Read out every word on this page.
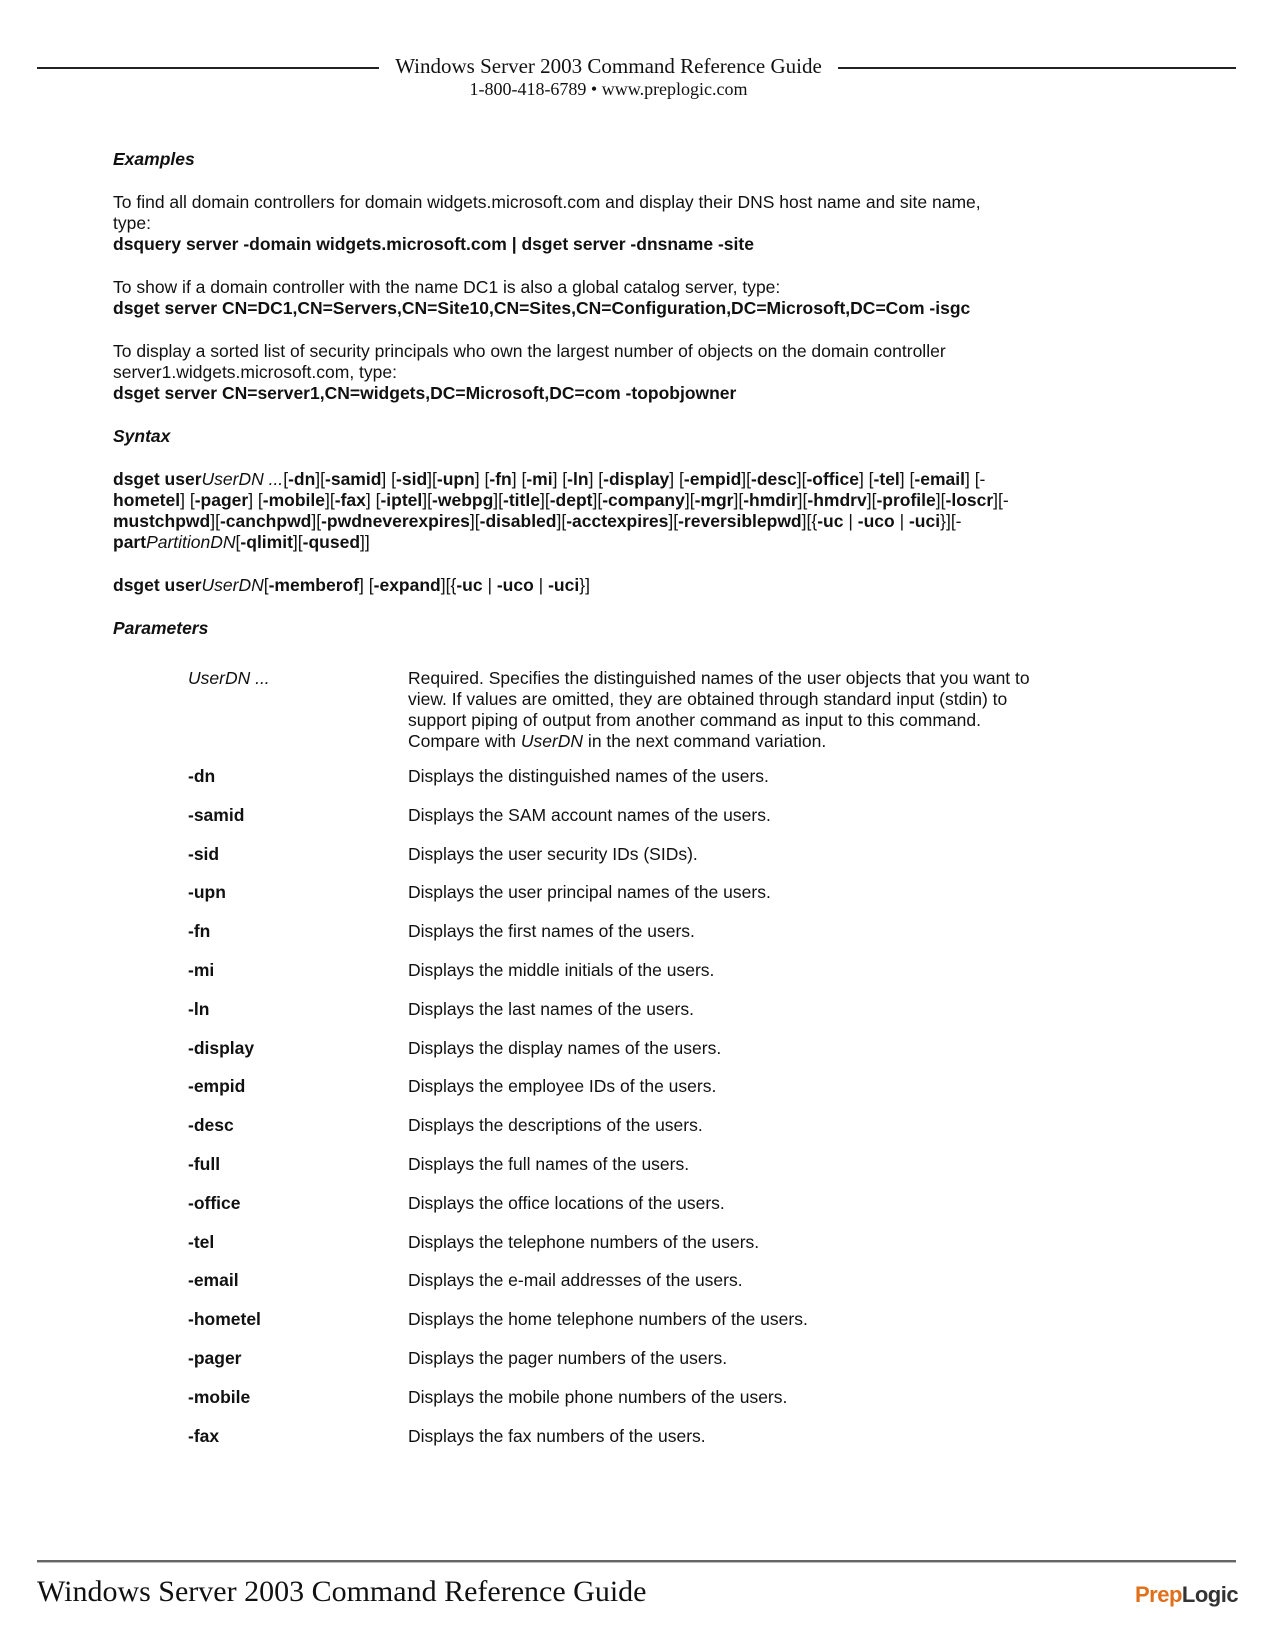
Windows Server 2003 Command Reference Guide
1-800-418-6789 • www.preplogic.com

Examples

To find all domain controllers for domain widgets.microsoft.com and display their DNS host name and site name,

type:

dsquery server -domain widgets.microsoft.com | dsget server -dnsname -site

To show if a domain controller with the name DC1 is also a global catalog server, type:

dsget server CN=DC1,CN=Servers,CN=Site10,CN=Sites,CN=Configuration,DC=Microsoft,DC=Com -isgc

To display a sorted list of security principals who own the largest number of objects on the domain controller

server1.widgets.microsoft.com, type:

dsget server CN=server1,CN=widgets,DC=Microsoft,DC=com -topobjowner

Syntax

dsget userUserDN ...[-dn][-samid] [-sid][-upn] [-fn] [-mi] [-ln] [-display] [-empid][-desc][-office] [-tel] [-email] [-

hometel] [-pager] [-mobile][-fax] [-iptel][-webpg][-title][-dept][-company][-mgr][-hmdir][-hmdrv][-profile][-loscr][-

mustchpwd][-canchpwd][-pwdneverexpires][-disabled][-acctexpires][-reversiblepwd][{-uc | -uco | -uci}][-

partPartitionDN[-qlimit][-qused]]

dsget userUserDN[-memberof] [-expand][{-uc | -uco | -uci}]

Parameters

UserDN ...	Required. Specifies the distinguished names of the user objects that you want to
view. If values are omitted, they are obtained through standard input (stdin) to
support piping of output from another command as input to this command.
Compare with UserDN in the next command variation.
-dn	Displays the distinguished names of the users.
-samid	Displays the SAM account names of the users.
-sid	Displays the user security IDs (SIDs).
-upn	Displays the user principal names of the users.
-fn	Displays the first names of the users.
-mi	Displays the middle initials of the users.
-ln	Displays the last names of the users.
-display	Displays the display names of the users.
-empid	Displays the employee IDs of the users.
-desc	Displays the descriptions of the users.
-full	Displays the full names of the users.
-office	Displays the office locations of the users.
-tel	Displays the telephone numbers of the users.
-email	Displays the e-mail addresses of the users.
-hometel	Displays the home telephone numbers of the users.
-pager	Displays the pager numbers of the users.
-mobile	Displays the mobile phone numbers of the users.
-fax	Displays the fax numbers of the users.
Windows Server 2003 Command Reference Guide	PrepLogic
